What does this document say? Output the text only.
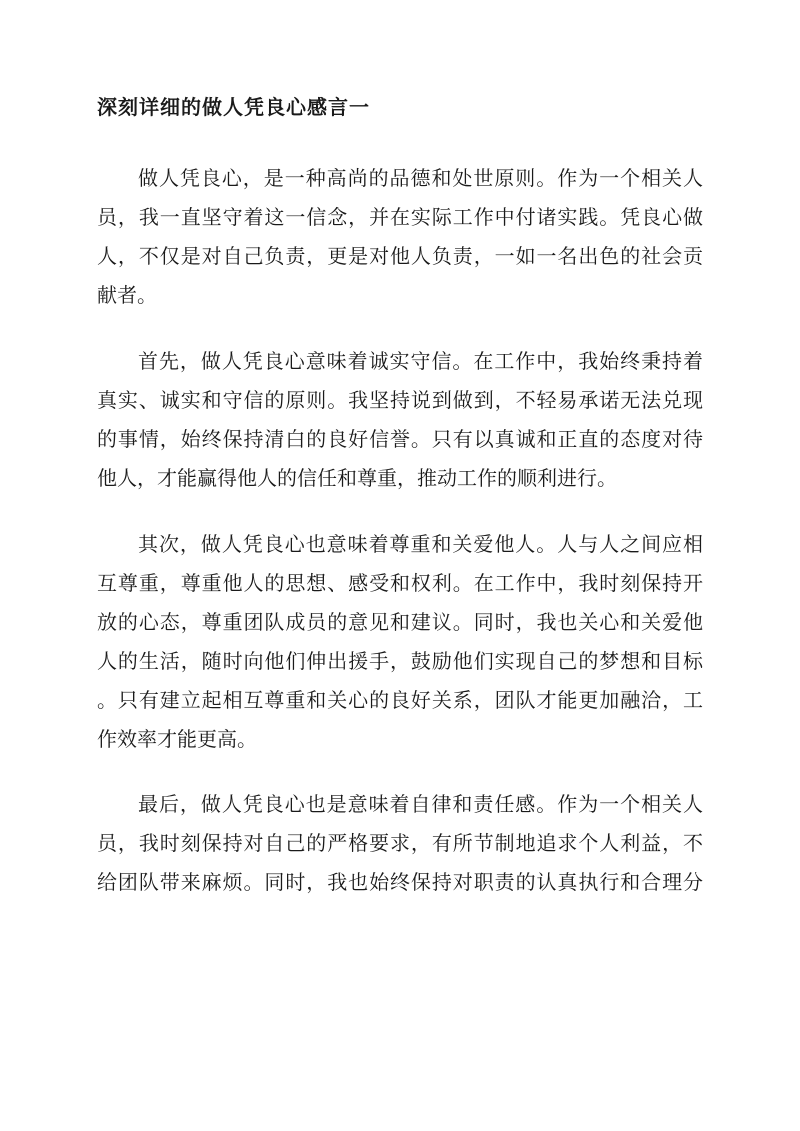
深刻详细的做人凭良心感言一
做人凭良心，是一种高尚的品德和处世原则。作为一个相关人
员，我一直坚守着这一信念，并在实际工作中付诸实践。凭良心做
人，不仅是对自己负责，更是对他人负责，一如一名出色的社会贡
献者。
首先，做人凭良心意味着诚实守信。在工作中，我始终秉持着
真实、诚实和守信的原则。我坚持说到做到，不轻易承诺无法兑现
的事情，始终保持清白的良好信誉。只有以真诚和正直的态度对待
他人，才能赢得他人的信任和尊重，推动工作的顺利进行。
其次，做人凭良心也意味着尊重和关爱他人。人与人之间应相
互尊重，尊重他人的思想、感受和权利。在工作中，我时刻保持开
放的心态，尊重团队成员的意见和建议。同时，我也关心和关爱他
人的生活，随时向他们伸出援手，鼓励他们实现自己的梦想和目标
。只有建立起相互尊重和关心的良好关系，团队才能更加融洽，工
作效率才能更高。
最后，做人凭良心也是意味着自律和责任感。作为一个相关人
员，我时刻保持对自己的严格要求，有所节制地追求个人利益，不
给团队带来麻烦。同时，我也始终保持对职责的认真执行和合理分
